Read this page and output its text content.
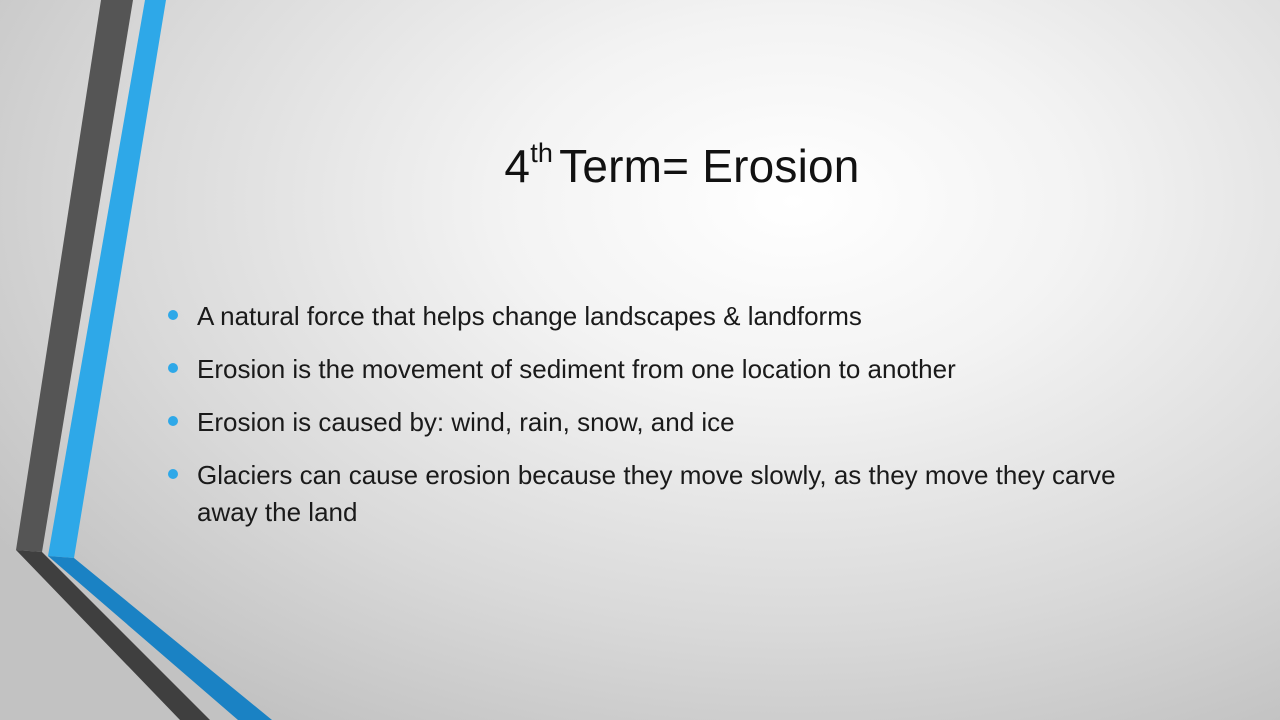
4th Term= Erosion
A natural force that helps change landscapes & landforms
Erosion is the movement of sediment from one location to another
Erosion is caused by: wind, rain, snow, and ice
Glaciers can cause erosion because they move slowly, as they move they carve away the land
